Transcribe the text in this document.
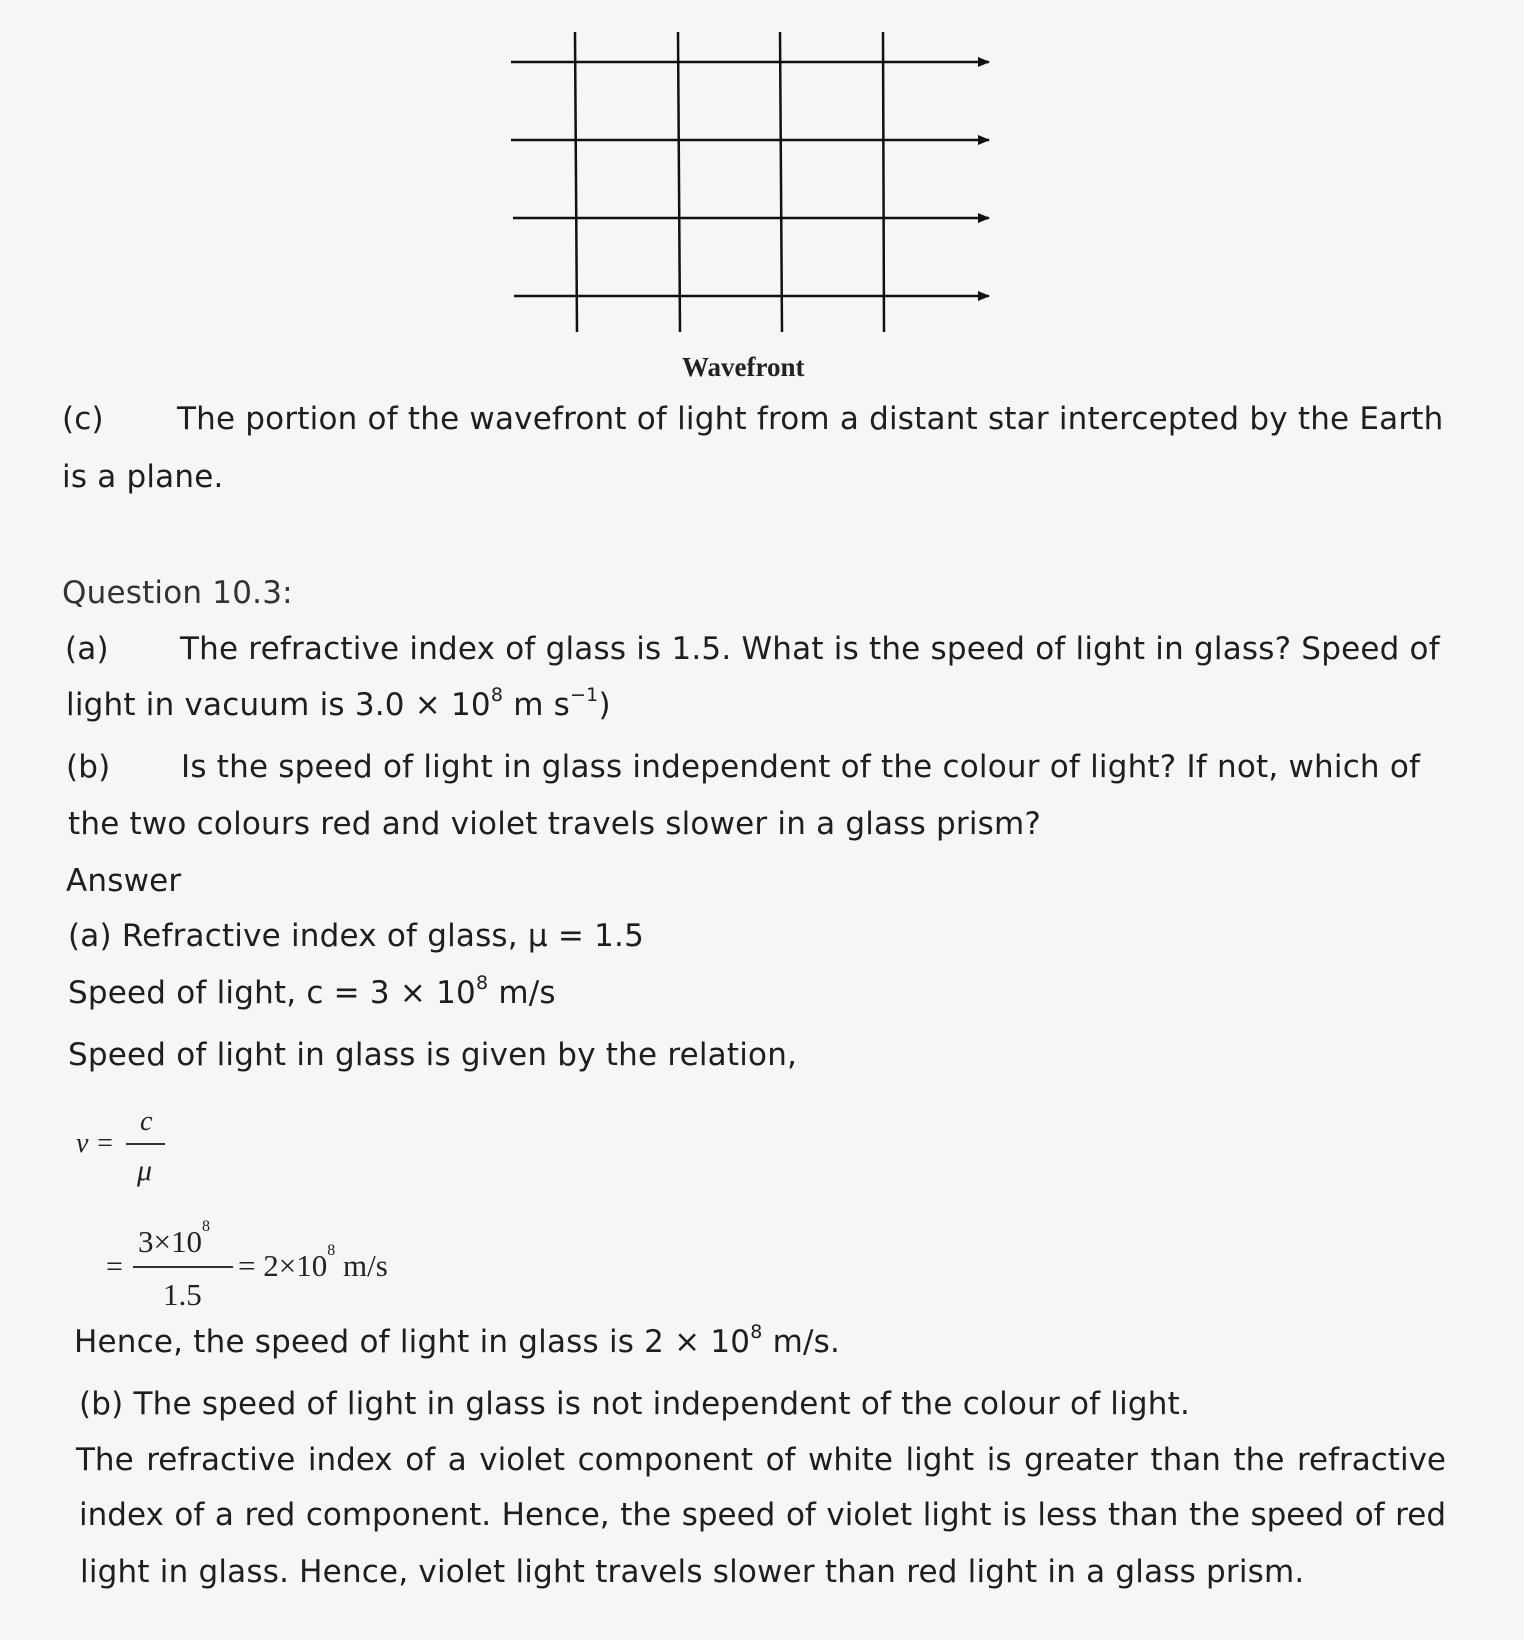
Wavefront
(c) The portion of the wavefront of light from a distant star intercepted by the Earth
is a plane.
Question 10.3:
(a) The refractive index of glass is 1.5. What is the speed of light in glass? Speed of
light in vacuum is $3.0 \times 10^8$ m $s^{-1}$)
(b) Is the speed of light in glass independent of the colour of light? If not, which of
the two colours red and violet travels slower in a glass prism?
Answer
(a) Refractive index of glass, μ = 1.5
Speed of light, $c = 3 \times 10^8$ m/s
Speed of light in glass is given by the relation,
v =
c
μ
=
$3\times 10^8$
1.5
= $2\times 10^8$ m/s
Hence, the speed of light in glass is $2 \times 10^8$ m/s.
(b) The speed of light in glass is not independent of the colour of light.
The refractive index of a violet component of white light is greater than the refractive
index of a red component. Hence, the speed of violet light is less than the speed of red
light in glass. Hence, violet light travels slower than red light in a glass prism.
